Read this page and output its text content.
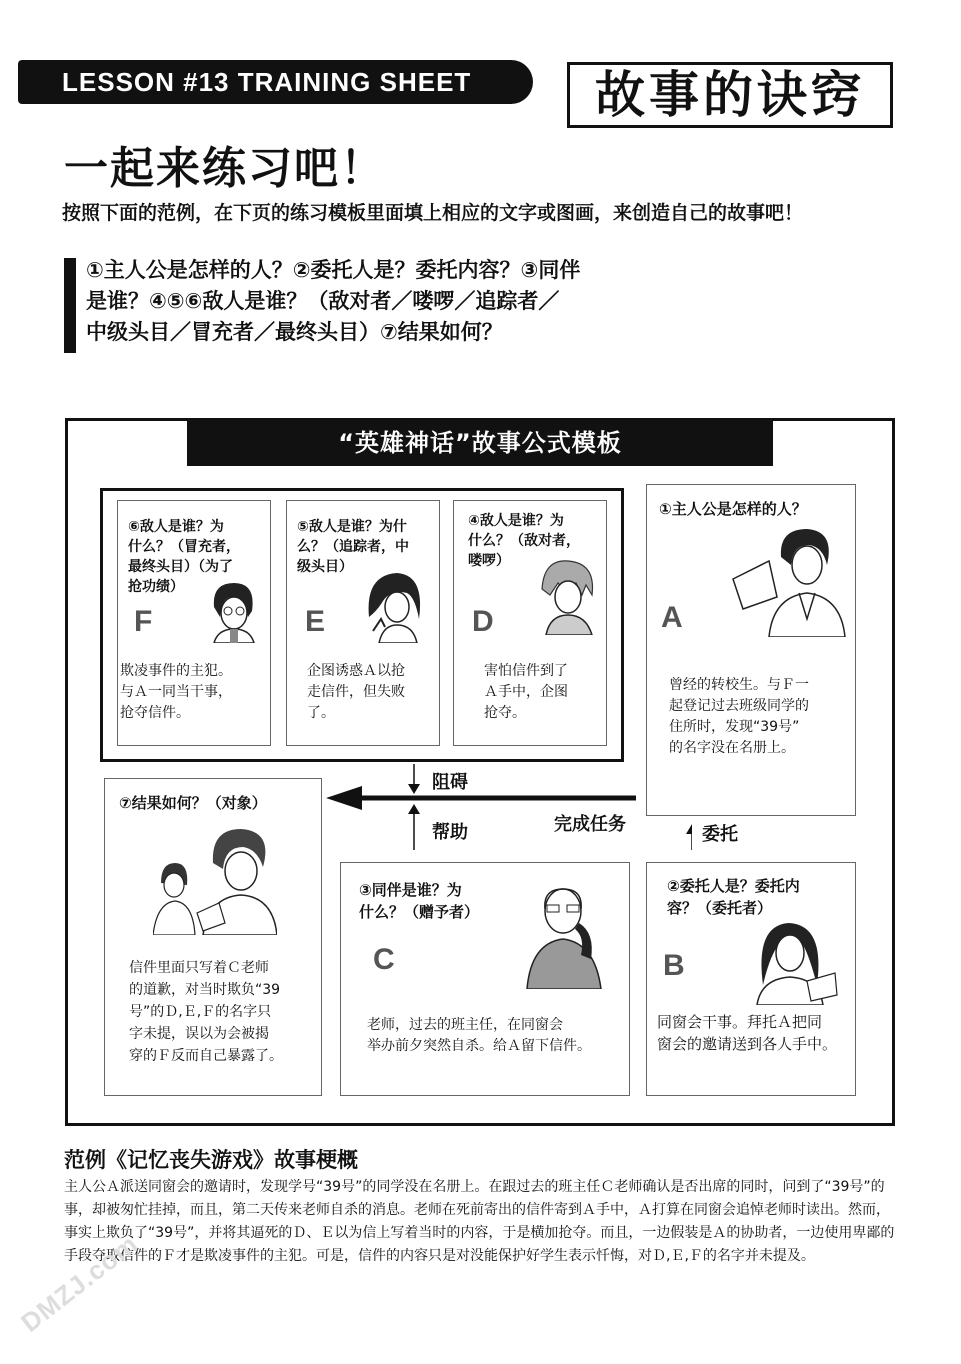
LESSON #13 TRAINING SHEET	故事的诀窍
一起来练习吧！
按照下面的范例，在下页的练习模板里面填上相应的文字或图画，来创造自己的故事吧！
①主人公是怎样的人？②委托人是？委托内容？③同伴
是谁？④⑤⑥敌人是谁？（敌对者／喽啰／追踪者／
中级头目／冒充者／最终头目）⑦结果如何？
“英雄神话”故事公式模板
⑥敌人是谁？为
什么？（冒充者，
最终头目）（为了
抢功绩）
F
欺凌事件的主犯。
与Ａ一同当干事，
抢夺信件。
⑤敌人是谁？为什
么？（追踪者，中
级头目）
E
企图诱惑Ａ以抢
走信件，但失败
了。
④敌人是谁？为
什么？（敌对者，
喽啰）
D
害怕信件到了
Ａ手中，企图
抢夺。
①主人公是怎样的人？
A
曾经的转校生。与Ｆ一
起登记过去班级同学的
住所时，发现“39号”
的名字没在名册上。
⑦结果如何？（对象）
信件里面只写着Ｃ老师
的道歉，对当时欺负“39
号”的Ｄ,Ｅ,Ｆ的名字只
字未提，误以为会被揭
穿的Ｆ反而自己暴露了。
③同伴是谁？为
什么？（赠予者）
C
老师，过去的班主任，在同窗会
举办前夕突然自杀。给Ａ留下信件。
②委托人是？委托内
容？（委托者）
B
同窗会干事。拜托Ａ把同
窗会的邀请送到各人手中。
阻碍
帮助	完成任务	委托
范例《记忆丧失游戏》故事梗概
主人公Ａ派送同窗会的邀请时，发现学号“39号”的同学没在名册上。在跟过去的班主任Ｃ老师确认是否出席的同时，问到了“39号”的事，却被匆忙挂掉，而且，第二天传来老师自杀的消息。老师在死前寄出的信件寄到Ａ手中，Ａ打算在同窗会追悼老师时读出。然而，事实上欺负了“39号”，并将其逼死的Ｄ、Ｅ以为信上写着当时的内容，于是横加抢夺。而且，一边假装是Ａ的协助者，一边使用卑鄙的手段夺取信件的Ｆ才是欺凌事件的主犯。可是，信件的内容只是对没能保护好学生表示忏悔，对Ｄ,Ｅ,Ｆ的名字并未提及。
DMZJ.com
